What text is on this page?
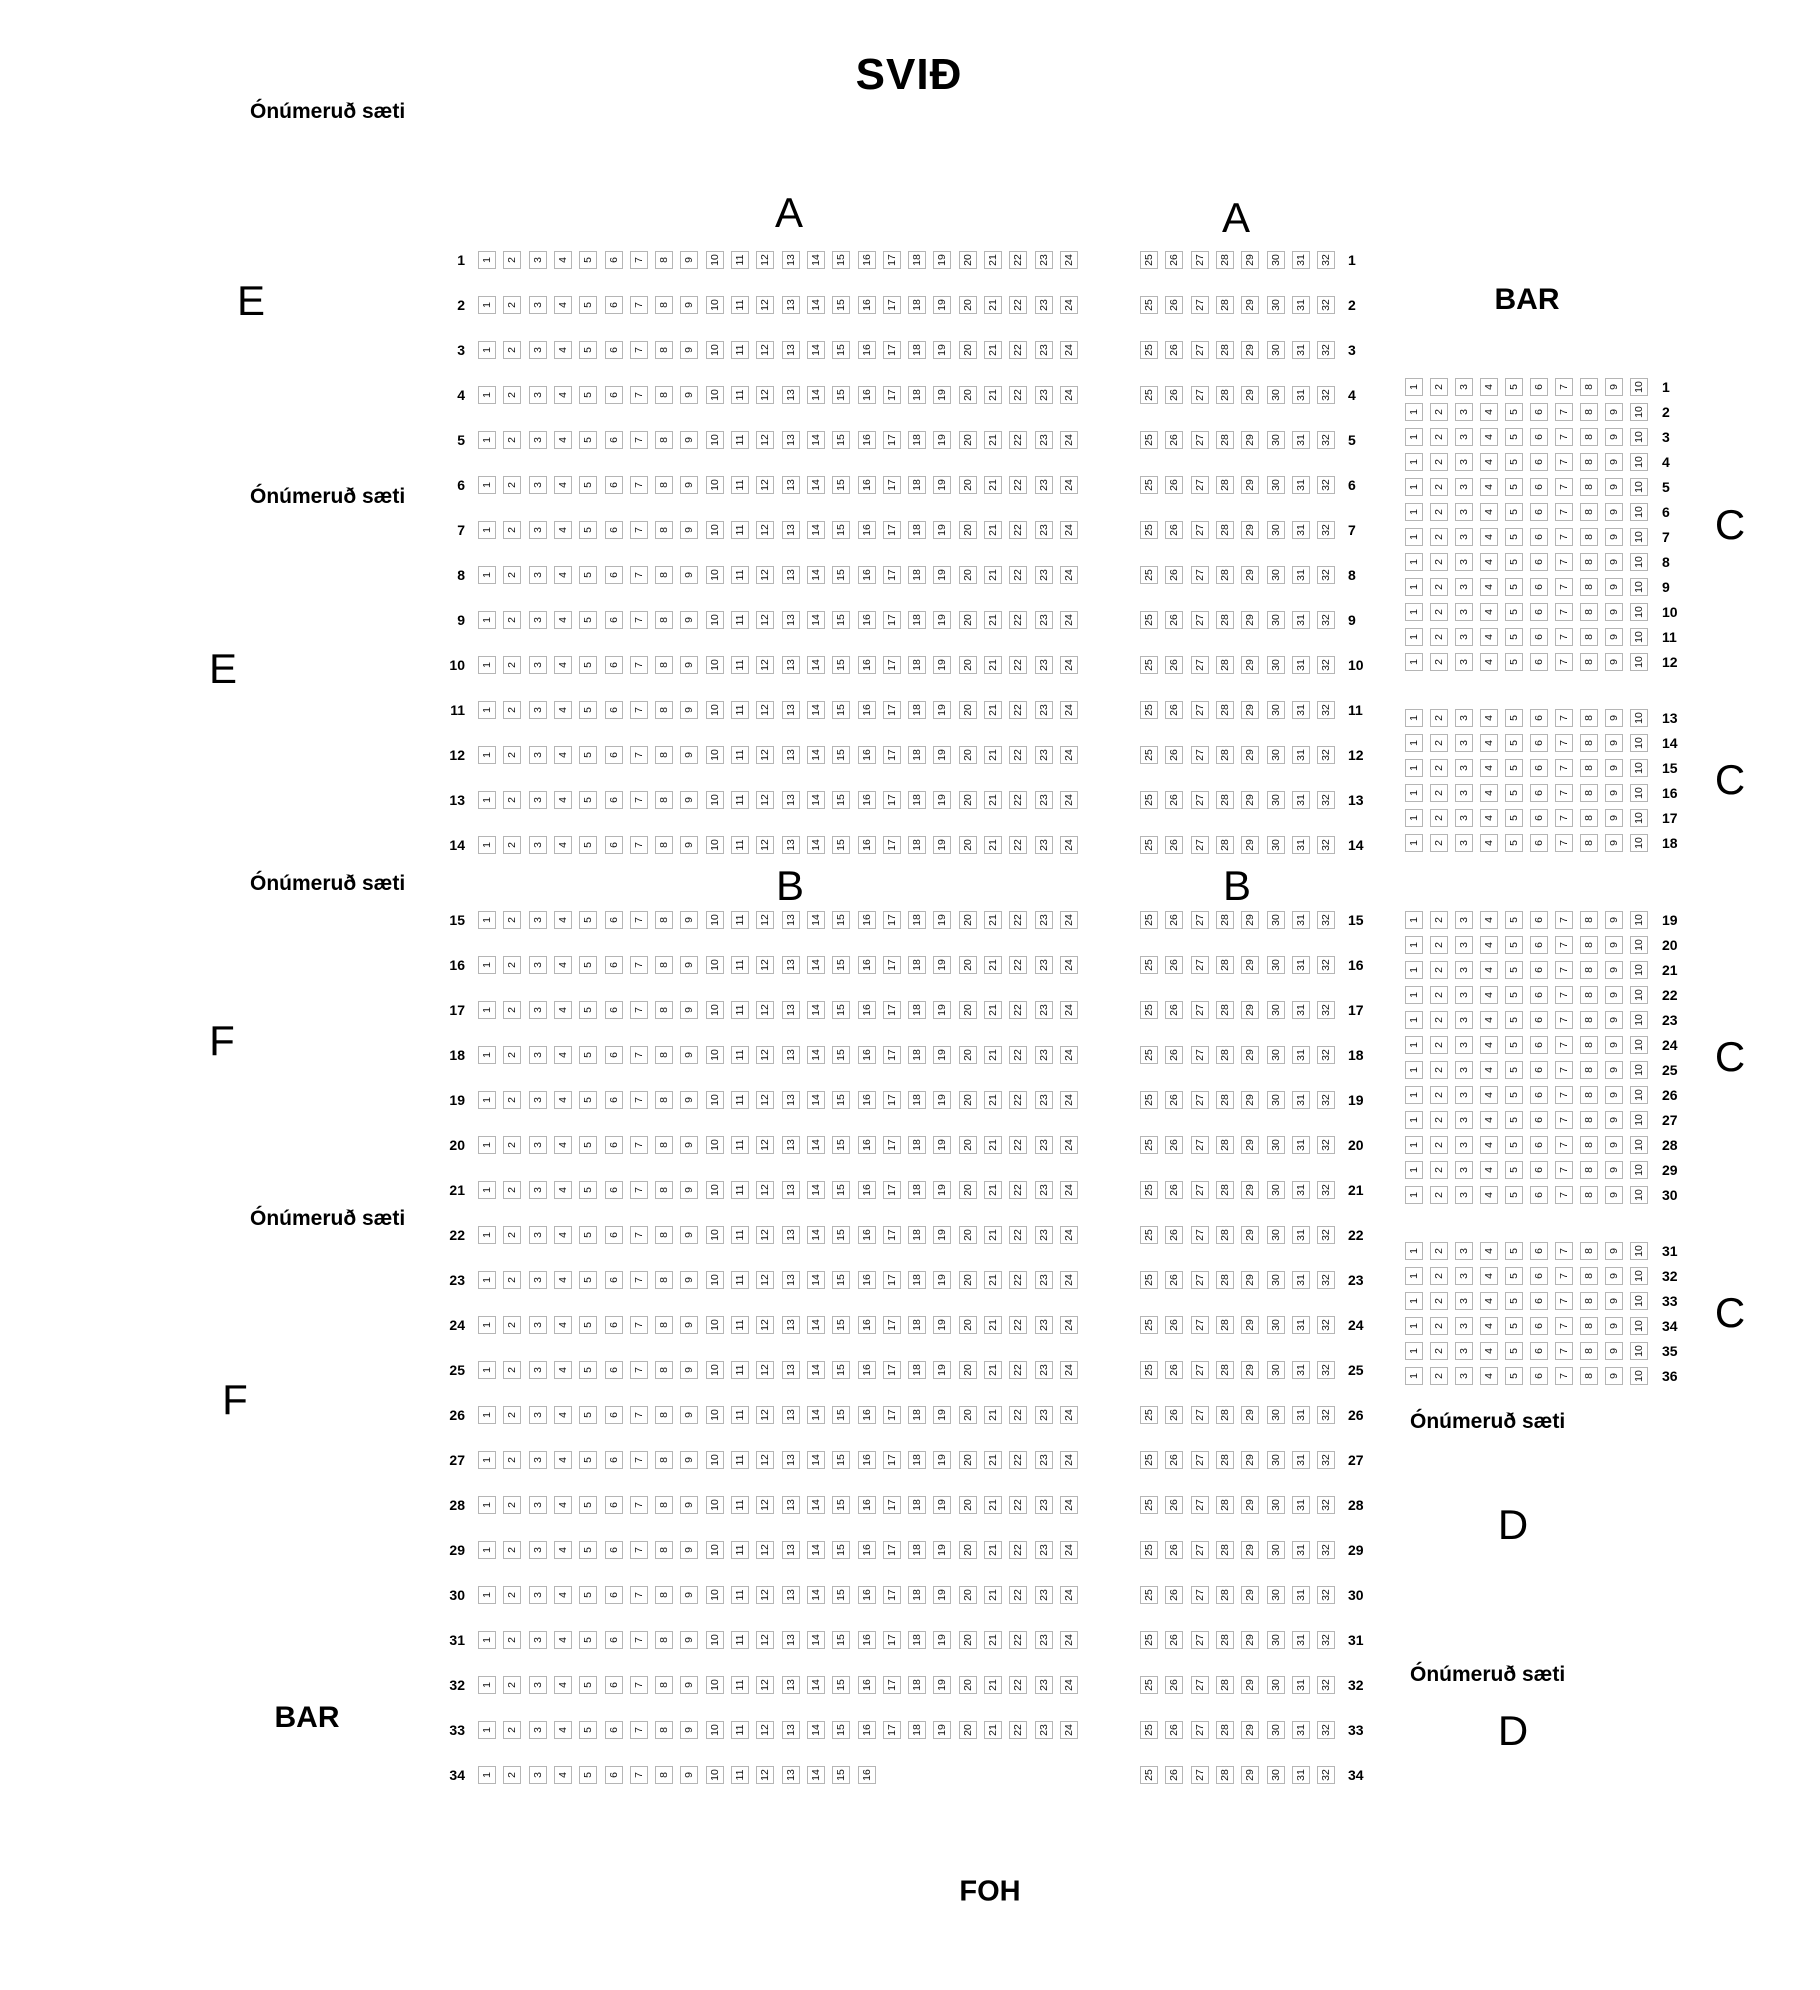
SVIÐ
FOH
Ónúmeruð sæti
E
Ónúmeruð sæti
E
Ónúmeruð sæti
F
Ónúmeruð sæti
F
BAR
A	A
B	B
BAR
C
C
C
C
Ónúmeruð sæti
D
Ónúmeruð sæti
D
1 1 2 3 4 5 6 7 8 9 10 11 12 13 14 15 16 17 18 19 20 21 22 23 24	25 26 27 28 29 30 31 32 1
2 1 2 3 4 5 6 7 8 9 10 11 12 13 14 15 16 17 18 19 20 21 22 23 24	25 26 27 28 29 30 31 32 2
3 1 2 3 4 5 6 7 8 9 10 11 12 13 14 15 16 17 18 19 20 21 22 23 24	25 26 27 28 29 30 31 32 3
4 1 2 3 4 5 6 7 8 9 10 11 12 13 14 15 16 17 18 19 20 21 22 23 24	25 26 27 28 29 30 31 32 4
5 1 2 3 4 5 6 7 8 9 10 11 12 13 14 15 16 17 18 19 20 21 22 23 24	25 26 27 28 29 30 31 32 5
6 1 2 3 4 5 6 7 8 9 10 11 12 13 14 15 16 17 18 19 20 21 22 23 24	25 26 27 28 29 30 31 32 6
7 1 2 3 4 5 6 7 8 9 10 11 12 13 14 15 16 17 18 19 20 21 22 23 24	25 26 27 28 29 30 31 32 7
8 1 2 3 4 5 6 7 8 9 10 11 12 13 14 15 16 17 18 19 20 21 22 23 24	25 26 27 28 29 30 31 32 8
9 1 2 3 4 5 6 7 8 9 10 11 12 13 14 15 16 17 18 19 20 21 22 23 24	25 26 27 28 29 30 31 32 9
10 1 2 3 4 5 6 7 8 9 10 11 12 13 14 15 16 17 18 19 20 21 22 23 24	25 26 27 28 29 30 31 32 10
11 1 2 3 4 5 6 7 8 9 10 11 12 13 14 15 16 17 18 19 20 21 22 23 24	25 26 27 28 29 30 31 32 11
12 1 2 3 4 5 6 7 8 9 10 11 12 13 14 15 16 17 18 19 20 21 22 23 24	25 26 27 28 29 30 31 32 12
13 1 2 3 4 5 6 7 8 9 10 11 12 13 14 15 16 17 18 19 20 21 22 23 24	25 26 27 28 29 30 31 32 13
14 1 2 3 4 5 6 7 8 9 10 11 12 13 14 15 16 17 18 19 20 21 22 23 24	25 26 27 28 29 30 31 32 14
15 1 2 3 4 5 6 7 8 9 10 11 12 13 14 15 16 17 18 19 20 21 22 23 24	25 26 27 28 29 30 31 32 15
16 1 2 3 4 5 6 7 8 9 10 11 12 13 14 15 16 17 18 19 20 21 22 23 24	25 26 27 28 29 30 31 32 16
17 1 2 3 4 5 6 7 8 9 10 11 12 13 14 15 16 17 18 19 20 21 22 23 24	25 26 27 28 29 30 31 32 17
18 1 2 3 4 5 6 7 8 9 10 11 12 13 14 15 16 17 18 19 20 21 22 23 24	25 26 27 28 29 30 31 32 18
19 1 2 3 4 5 6 7 8 9 10 11 12 13 14 15 16 17 18 19 20 21 22 23 24	25 26 27 28 29 30 31 32 19
20 1 2 3 4 5 6 7 8 9 10 11 12 13 14 15 16 17 18 19 20 21 22 23 24	25 26 27 28 29 30 31 32 20
21 1 2 3 4 5 6 7 8 9 10 11 12 13 14 15 16 17 18 19 20 21 22 23 24	25 26 27 28 29 30 31 32 21
22 1 2 3 4 5 6 7 8 9 10 11 12 13 14 15 16 17 18 19 20 21 22 23 24	25 26 27 28 29 30 31 32 22
23 1 2 3 4 5 6 7 8 9 10 11 12 13 14 15 16 17 18 19 20 21 22 23 24	25 26 27 28 29 30 31 32 23
24 1 2 3 4 5 6 7 8 9 10 11 12 13 14 15 16 17 18 19 20 21 22 23 24	25 26 27 28 29 30 31 32 24
25 1 2 3 4 5 6 7 8 9 10 11 12 13 14 15 16 17 18 19 20 21 22 23 24	25 26 27 28 29 30 31 32 25
26 1 2 3 4 5 6 7 8 9 10 11 12 13 14 15 16 17 18 19 20 21 22 23 24	25 26 27 28 29 30 31 32 26
27 1 2 3 4 5 6 7 8 9 10 11 12 13 14 15 16 17 18 19 20 21 22 23 24	25 26 27 28 29 30 31 32 27
28 1 2 3 4 5 6 7 8 9 10 11 12 13 14 15 16 17 18 19 20 21 22 23 24	25 26 27 28 29 30 31 32 28
29 1 2 3 4 5 6 7 8 9 10 11 12 13 14 15 16 17 18 19 20 21 22 23 24	25 26 27 28 29 30 31 32 29
30 1 2 3 4 5 6 7 8 9 10 11 12 13 14 15 16 17 18 19 20 21 22 23 24	25 26 27 28 29 30 31 32 30
31 1 2 3 4 5 6 7 8 9 10 11 12 13 14 15 16 17 18 19 20 21 22 23 24	25 26 27 28 29 30 31 32 31
32 1 2 3 4 5 6 7 8 9 10 11 12 13 14 15 16 17 18 19 20 21 22 23 24	25 26 27 28 29 30 31 32 32
33 1 2 3 4 5 6 7 8 9 10 11 12 13 14 15 16 17 18 19 20 21 22 23 24	25 26 27 28 29 30 31 32 33
34 1 2 3 4 5 6 7 8 9 10 11 12 13 14 15 16	25 26 27 28 29 30 31 32 34
1 2 3 4 5 6 7 8 9 10 1
1 2 3 4 5 6 7 8 9 10 2
1 2 3 4 5 6 7 8 9 10 3
1 2 3 4 5 6 7 8 9 10 4
1 2 3 4 5 6 7 8 9 10 5
1 2 3 4 5 6 7 8 9 10 6
1 2 3 4 5 6 7 8 9 10 7
1 2 3 4 5 6 7 8 9 10 8
1 2 3 4 5 6 7 8 9 10 9
1 2 3 4 5 6 7 8 9 10 10
1 2 3 4 5 6 7 8 9 10 11
1 2 3 4 5 6 7 8 9 10 12
1 2 3 4 5 6 7 8 9 10 13
1 2 3 4 5 6 7 8 9 10 14
1 2 3 4 5 6 7 8 9 10 15
1 2 3 4 5 6 7 8 9 10 16
1 2 3 4 5 6 7 8 9 10 17
1 2 3 4 5 6 7 8 9 10 18
1 2 3 4 5 6 7 8 9 10 19
1 2 3 4 5 6 7 8 9 10 20
1 2 3 4 5 6 7 8 9 10 21
1 2 3 4 5 6 7 8 9 10 22
1 2 3 4 5 6 7 8 9 10 23
1 2 3 4 5 6 7 8 9 10 24
1 2 3 4 5 6 7 8 9 10 25
1 2 3 4 5 6 7 8 9 10 26
1 2 3 4 5 6 7 8 9 10 27
1 2 3 4 5 6 7 8 9 10 28
1 2 3 4 5 6 7 8 9 10 29
1 2 3 4 5 6 7 8 9 10 30
1 2 3 4 5 6 7 8 9 10 31
1 2 3 4 5 6 7 8 9 10 32
1 2 3 4 5 6 7 8 9 10 33
1 2 3 4 5 6 7 8 9 10 34
1 2 3 4 5 6 7 8 9 10 35
1 2 3 4 5 6 7 8 9 10 36
